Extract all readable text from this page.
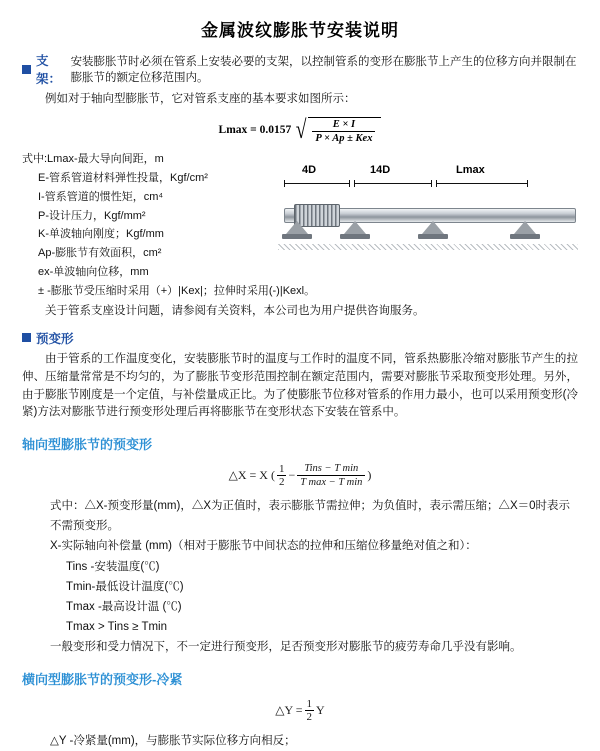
金属波纹膨胀节安装说明
支架：
安装膨胀节时必须在管系上安装必要的支架，以控制管系的变形在膨胀节上产生的位移方向并限制在膨胀节的额定位移范围内。
例如对于轴向型膨胀节，它对管系支座的基本要求如图所示：
Lmax = 0.0157 √ $\frac{E \times I}{\text{P × Ap ± Kex}}$
式中:Lmax-最大导向间距，m
E-管系管道材料弹性投量，Kgf/cm²
I-管系管道的惯性矩，cm⁴
P-设计压力，Kgf/mm²
K-单波轴向刚度；Kgf/mm
Ap-膨胀节有效面积，cm²
ex-单波轴向位移，mm
± -膨胀节受压缩时采用（+）|Kex|；拉伸时采用(-)|Kexl。
4D	14D	Lmax
关于管系支座设计问题，请参阅有关资料，本公司也为用户提供咨询服务。
预变形
由于管系的工作温度变化，安装膨胀节时的温度与工作时的温度不同，管系热膨胀冷缩对膨胀节产生的拉伸、压缩量常常是不均匀的，为了膨胀节变形范围控制在额定范围内，需要对膨胀节采取预变形处理。另外，由于膨胀节刚度是一个定值，与补偿量成正比。为了使膨胀节位移对管系的作用力最小，也可以采用预变形(冷紧)方法对膨胀节进行预变形处理后再将膨胀节在变形状态下安装在管系中。
轴向型膨胀节的预变形
△X = X ( $\frac{1}{2} - \frac{\text{Tins − T min}}{\text{T max − T min}}$ )
式中：△X-预变形量(mm)，△X为正值时，表示膨胀节需拉伸；为负值时，表示需压缩；△X＝0时表示不需预变形。
X-实际轴向补偿量 (mm)（相对于膨胀节中间状态的拉伸和压缩位移量绝对值之和）：
Tins -安装温度(℃)
Tmin-最低设计温度(℃)
Tmax -最高设计温 (℃)
Tmax > Tins ≥ Tmin
一般变形和受力情况下，不一定进行预变形，足否预变形对膨胀节的疲劳寿命几乎没有影响。
横向型膨胀节的预变形-冷紧
△Y = $\frac{1}{2}$ Y
△Y -冷紧量(mm)，与膨胀节实际位移方向相反；
